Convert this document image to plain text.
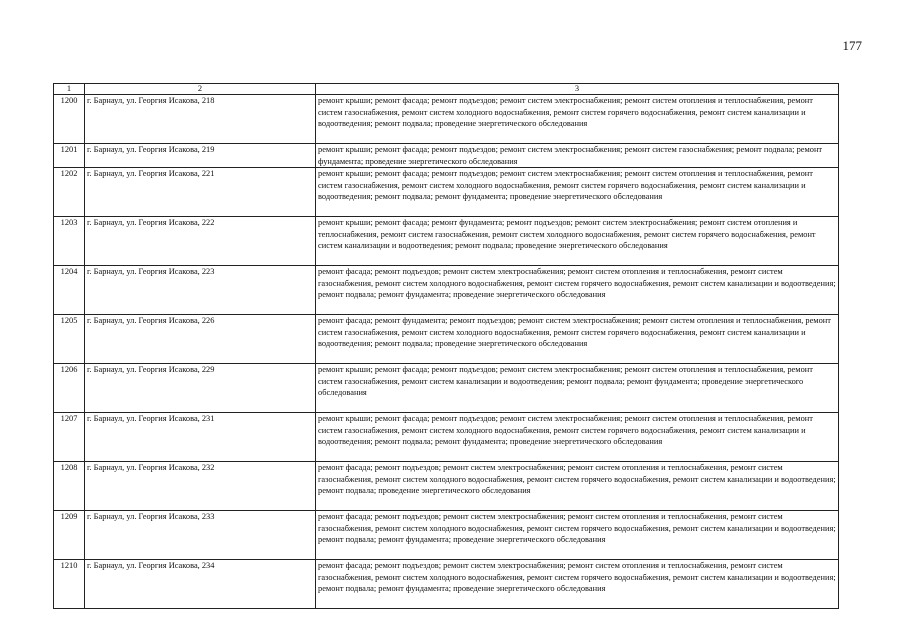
177
1	2	3
1200	г. Барнаул, ул. Георгия Исакова, 218	ремонт крыши; ремонт фасада; ремонт подъездов; ремонт систем электроснабжения; ремонт систем отопления и теплоснабжения, ремонт систем газоснабжения, ремонт систем холодного водоснабжения, ремонт систем горячего водоснабжения, ремонт систем канализации и водоотведения; ремонт подвала; проведение энергетического обследования
1201	г. Барнаул, ул. Георгия Исакова, 219	ремонт крыши; ремонт фасада; ремонт подъездов; ремонт систем электроснабжения; ремонт систем газоснабжения; ремонт подвала; ремонт фундамента; проведение энергетического обследования
1202	г. Барнаул, ул. Георгия Исакова, 221	ремонт крыши; ремонт фасада; ремонт подъездов; ремонт систем электроснабжения; ремонт систем отопления и теплоснабжения, ремонт систем газоснабжения, ремонт систем холодного водоснабжения, ремонт систем горячего водоснабжения, ремонт систем канализации и водоотведения; ремонт подвала; ремонт фундамента; проведение энергетического обследования
1203	г. Барнаул, ул. Георгия Исакова, 222	ремонт крыши; ремонт фасада; ремонт фундамента; ремонт подъездов; ремонт систем электроснабжения; ремонт систем отопления и теплоснабжения, ремонт систем газоснабжения, ремонт систем холодного водоснабжения, ремонт систем горячего водоснабжения, ремонт систем канализации и водоотведения; ремонт подвала; проведение энергетического обследования
1204	г. Барнаул, ул. Георгия Исакова, 223	ремонт фасада; ремонт подъездов; ремонт систем электроснабжения; ремонт систем отопления и теплоснабжения, ремонт систем газоснабжения, ремонт систем холодного водоснабжения, ремонт систем горячего водоснабжения, ремонт систем канализации и водоотведения; ремонт подвала; ремонт фундамента; проведение энергетического обследования
1205	г. Барнаул, ул. Георгия Исакова, 226	ремонт фасада; ремонт фундамента; ремонт подъездов; ремонт систем электроснабжения; ремонт систем отопления и теплоснабжения, ремонт систем газоснабжения, ремонт систем холодного водоснабжения, ремонт систем горячего водоснабжения, ремонт систем канализации и водоотведения; ремонт подвала; проведение энергетического обследования
1206	г. Барнаул, ул. Георгия Исакова, 229	ремонт крыши; ремонт фасада; ремонт подъездов; ремонт систем электроснабжения; ремонт систем отопления и теплоснабжения, ремонт систем газоснабжения, ремонт систем канализации и водоотведения; ремонт подвала; ремонт фундамента; проведение энергетического обследования
1207	г. Барнаул, ул. Георгия Исакова, 231	ремонт крыши; ремонт фасада; ремонт подъездов; ремонт систем электроснабжения; ремонт систем отопления и теплоснабжения, ремонт систем газоснабжения, ремонт систем холодного водоснабжения, ремонт систем горячего водоснабжения, ремонт систем канализации и водоотведения; ремонт подвала; ремонт фундамента; проведение энергетического обследования
1208	г. Барнаул, ул. Георгия Исакова, 232	ремонт фасада; ремонт подъездов; ремонт систем электроснабжения; ремонт систем отопления и теплоснабжения, ремонт систем газоснабжения, ремонт систем холодного водоснабжения, ремонт систем горячего водоснабжения, ремонт систем канализации и водоотведения; ремонт подвала; проведение энергетического обследования
1209	г. Барнаул, ул. Георгия Исакова, 233	ремонт фасада; ремонт подъездов; ремонт систем электроснабжения; ремонт систем отопления и теплоснабжения, ремонт систем газоснабжения, ремонт систем холодного водоснабжения, ремонт систем горячего водоснабжения, ремонт систем канализации и водоотведения; ремонт подвала; ремонт фундамента; проведение энергетического обследования
1210	г. Барнаул, ул. Георгия Исакова, 234	ремонт фасада; ремонт подъездов; ремонт систем электроснабжения; ремонт систем отопления и теплоснабжения, ремонт систем газоснабжения, ремонт систем холодного водоснабжения, ремонт систем горячего водоснабжения, ремонт систем канализации и водоотведения; ремонт подвала; ремонт фундамента; проведение энергетического обследования
